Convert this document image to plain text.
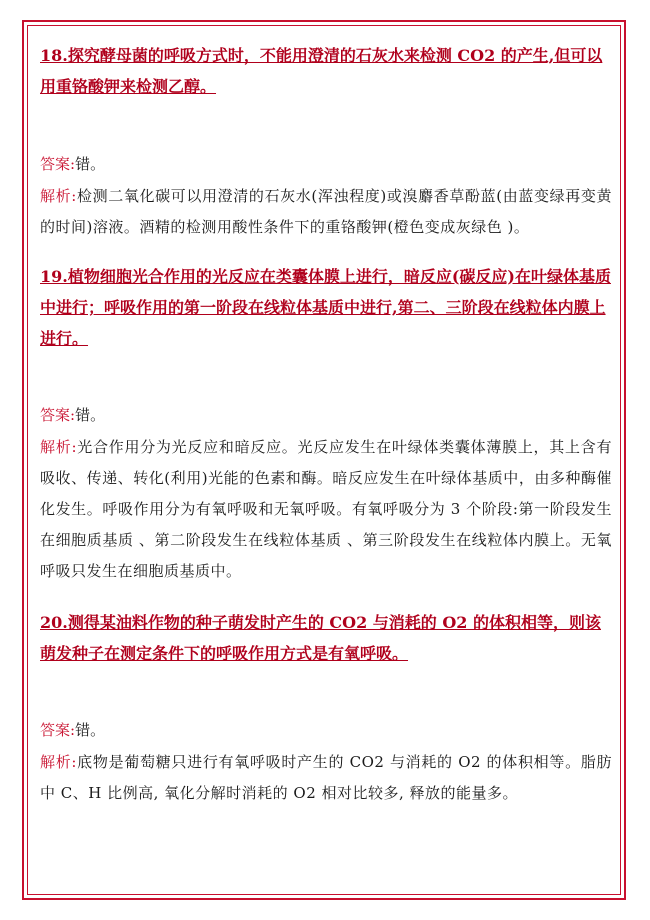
18.探究酵母菌的呼吸方式时，不能用澄清的石灰水来检测 CO2 的产生,但可以用重铬酸钾来检测乙醇。

答案:错。

解析:检测二氧化碳可以用澄清的石灰水(浑浊程度)或溴麝香草酚蓝(由蓝变绿再变黄的时间)溶液。酒精的检测用酸性条件下的重铬酸钾(橙色变成灰绿色 )。

19.植物细胞光合作用的光反应在类囊体膜上进行，暗反应(碳反应)在叶绿体基质中进行；呼吸作用的第一阶段在线粒体基质中进行,第二、三阶段在线粒体内膜上进行。

答案:错。

解析:光合作用分为光反应和暗反应。光反应发生在叶绿体类囊体薄膜上，其上含有吸收、传递、转化(利用)光能的色素和酶。暗反应发生在叶绿体基质中，由多种酶催化发生。呼吸作用分为有氧呼吸和无氧呼吸。有氧呼吸分为 3 个阶段:第一阶段发生在细胞质基质 、第二阶段发生在线粒体基质 、第三阶段发生在线粒体内膜上。无氧呼吸只发生在细胞质基质中。

20.测得某油料作物的种子萌发时产生的 CO2 与消耗的 O2 的体积相等，则该萌发种子在测定条件下的呼吸作用方式是有氧呼吸。

答案:错。

解析:底物是葡萄糖只进行有氧呼吸时产生的 CO2 与消耗的 O2 的体积相等。脂肪中 C、H 比例高, 氧化分解时消耗的 O2 相对比较多, 释放的能量多。
